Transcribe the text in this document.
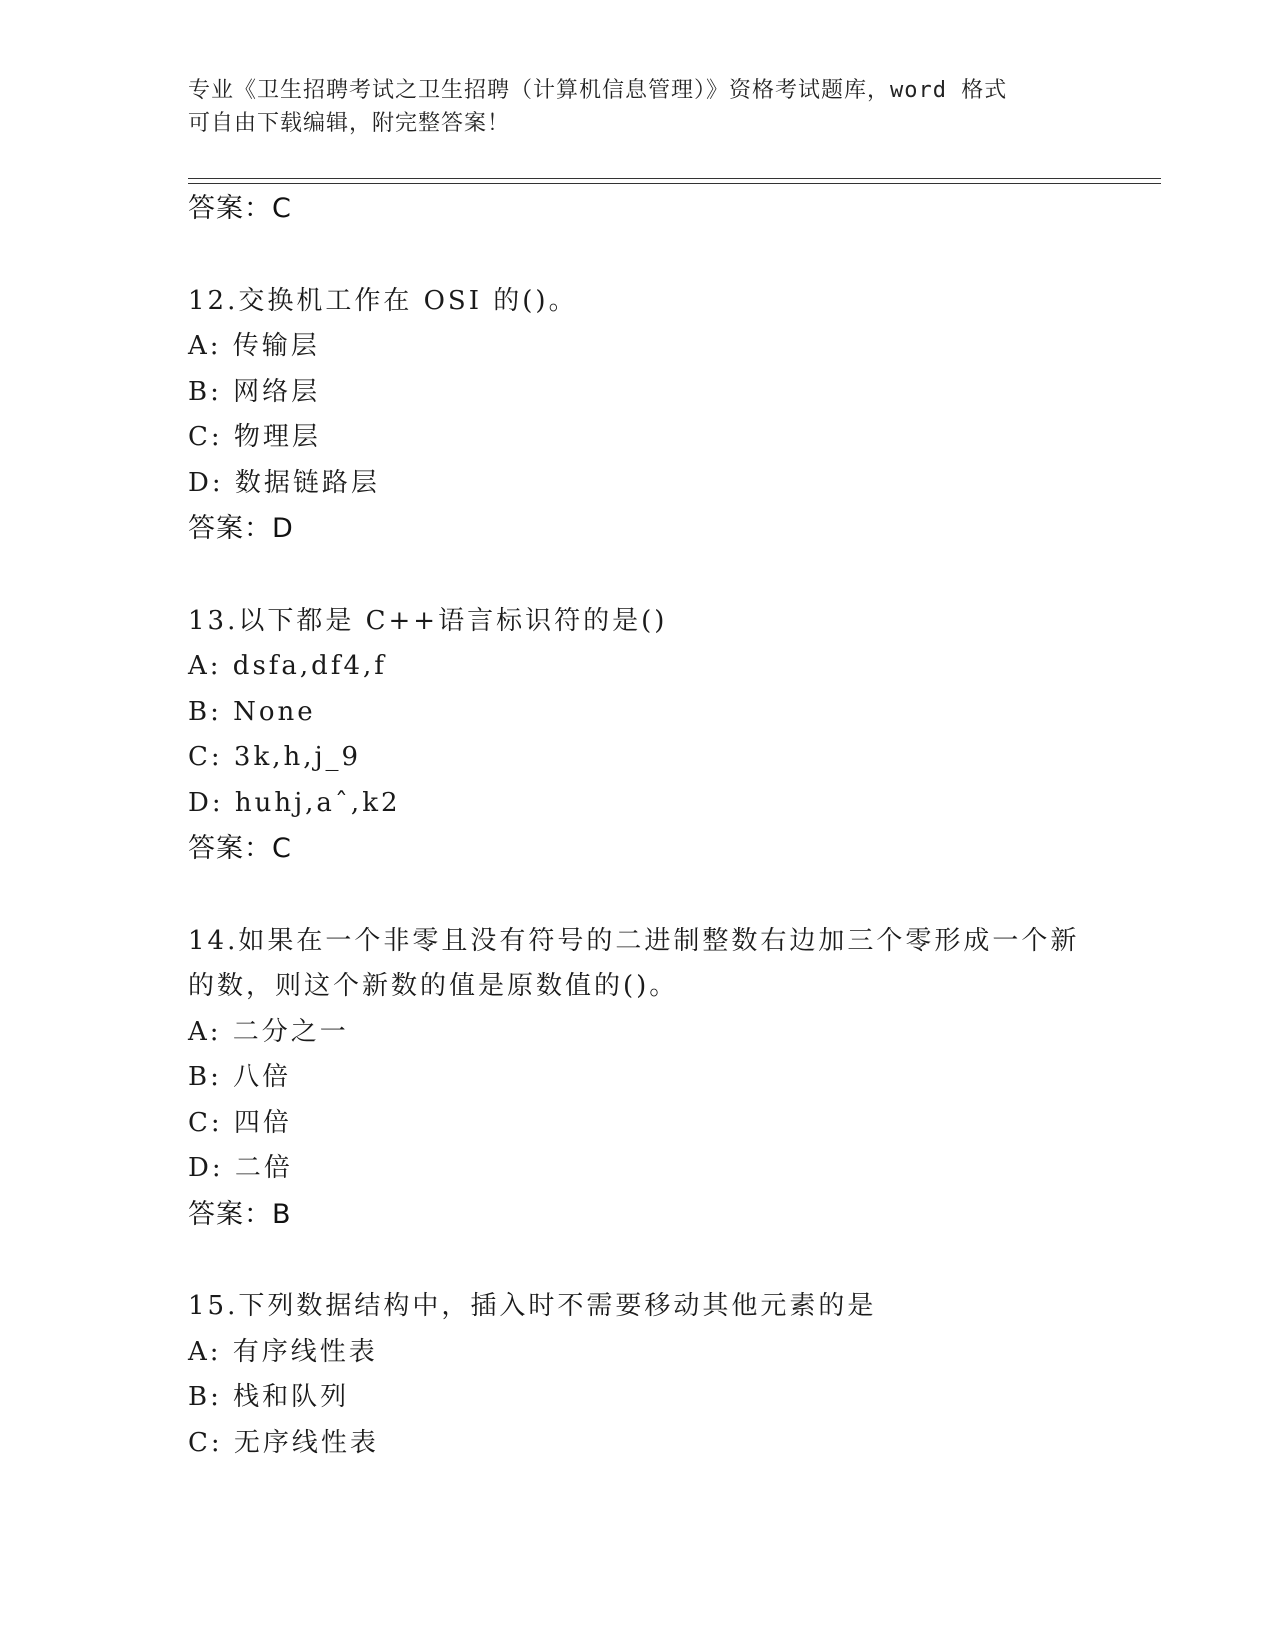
专业《卫生招聘考试之卫生招聘（计算机信息管理）》资格考试题库，word 格式
可自由下载编辑，附完整答案！
答案：C
12.交换机工作在 OSI 的()。
A: 传输层
B: 网络层
C: 物理层
D: 数据链路层
答案：D
13.以下都是 C++语言标识符的是()
A: dsfa,df4,f
B: None
C: 3k,h,j_9
D: huhj,aˆ,k2
答案：C
14.如果在一个非零且没有符号的二进制整数右边加三个零形成一个新
的数，则这个新数的值是原数值的()。
A: 二分之一
B: 八倍
C: 四倍
D: 二倍
答案：B
15.下列数据结构中，插入时不需要移动其他元素的是
A: 有序线性表
B: 栈和队列
C: 无序线性表
